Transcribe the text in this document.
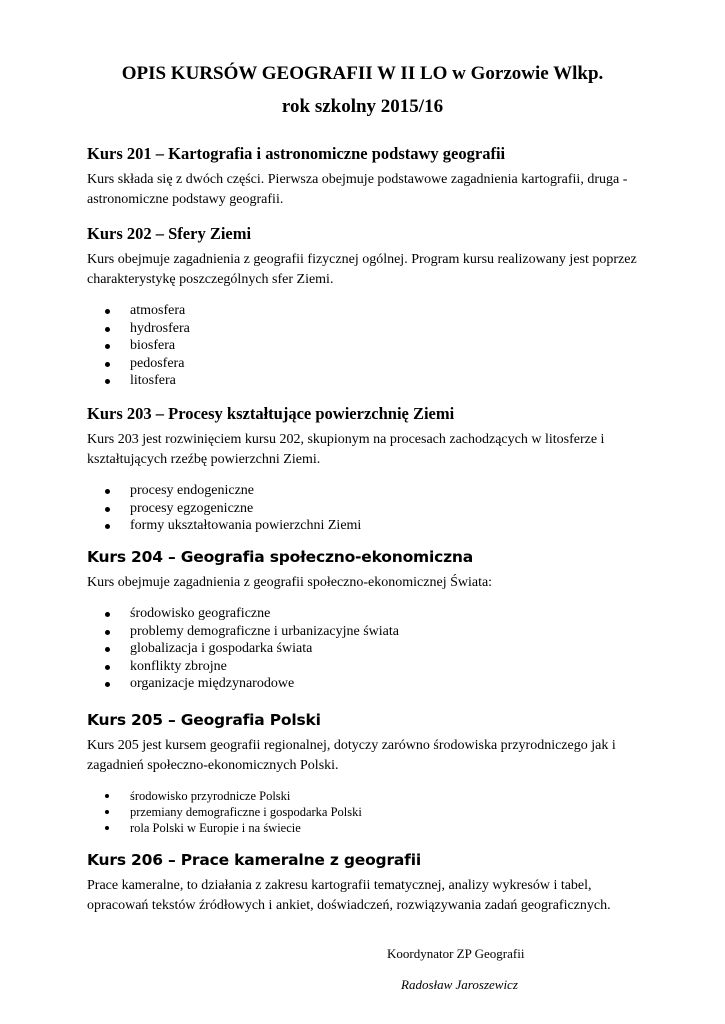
OPIS KURSÓW GEOGRAFII W II LO w Gorzowie Wlkp.
rok szkolny 2015/16
Kurs 201 – Kartografia i astronomiczne podstawy geografii

Kurs składa się z dwóch części. Pierwsza obejmuje podstawowe zagadnienia kartografii, druga - astronomiczne podstawy geografii.

Kurs 202 – Sfery Ziemi

Kurs obejmuje zagadnienia z geografii fizycznej ogólnej. Program kursu realizowany jest poprzez charakterystykę poszczególnych sfer Ziemi.

atmosfera
hydrosfera
biosfera
pedosfera
litosfera
Kurs 203 – Procesy kształtujące powierzchnię Ziemi

Kurs 203 jest rozwinięciem kursu 202, skupionym na procesach zachodzących w litosferze i kształtujących rzeźbę powierzchni Ziemi.

procesy endogeniczne
procesy egzogeniczne
formy ukształtowania powierzchni Ziemi
Kurs 204 – Geografia społeczno-ekonomiczna

Kurs obejmuje zagadnienia z geografii społeczno-ekonomicznej Świata:

środowisko geograficzne
problemy demograficzne i urbanizacyjne świata
globalizacja i gospodarka świata
konflikty zbrojne
organizacje międzynarodowe
Kurs 205 – Geografia Polski

Kurs 205 jest kursem geografii regionalnej, dotyczy zarówno środowiska przyrodniczego jak i zagadnień społeczno-ekonomicznych Polski.

środowisko przyrodnicze Polski
przemiany demograficzne i gospodarka Polski
rola Polski w Europie i na świecie
Kurs 206 – Prace kameralne z geografii

Prace kameralne, to działania z zakresu kartografii tematycznej, analizy wykresów i tabel, opracowań tekstów źródłowych i ankiet, doświadczeń, rozwiązywania zadań geograficznych.

Koordynator ZP Geografii
Radosław Jaroszewicz
